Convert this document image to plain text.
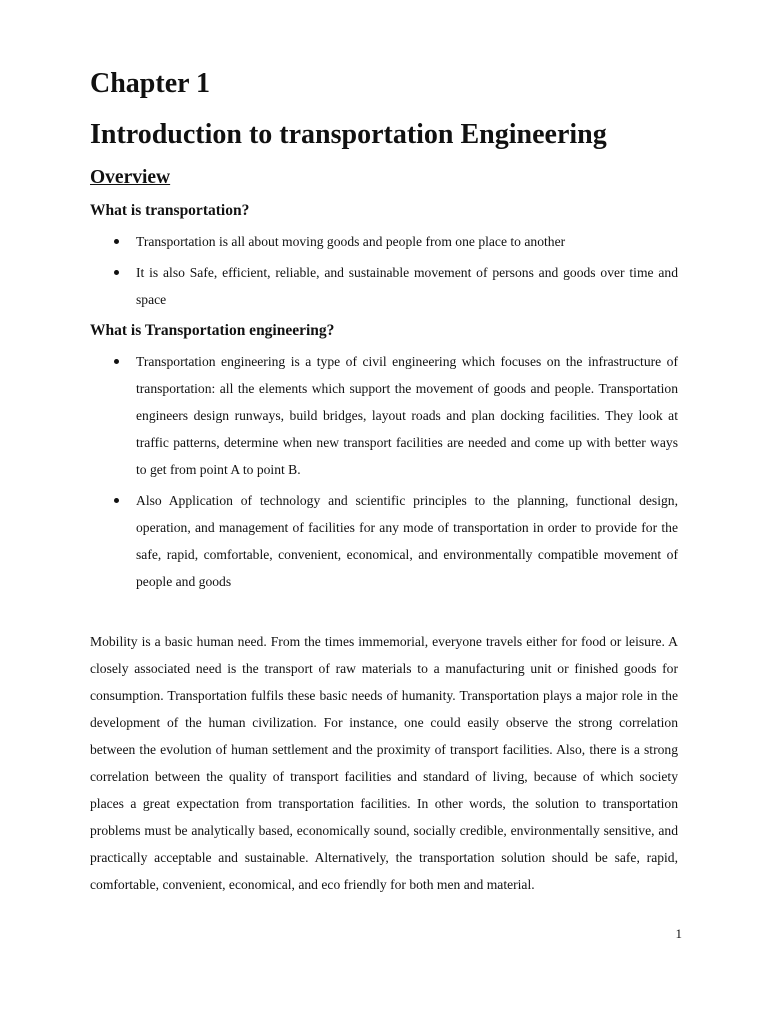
Chapter 1
Introduction to transportation Engineering
Overview
What is transportation?
Transportation is all about moving goods and people from one place to another
It is also Safe, efficient, reliable, and sustainable movement of persons and goods over time and space
What is Transportation engineering?
Transportation engineering is a type of civil engineering which focuses on the infrastructure of transportation: all the elements which support the movement of goods and people. Transportation engineers design runways, build bridges, layout roads and plan docking facilities. They look at traffic patterns, determine when new transport facilities are needed and come up with better ways to get from point A to point B.
Also Application of technology and scientific principles to the planning, functional design, operation, and management of facilities for any mode of transportation in order to provide for the safe, rapid, comfortable, convenient, economical, and environmentally compatible movement of people and goods

Mobility is a basic human need. From the times immemorial, everyone travels either for food or leisure. A closely associated need is the transport of raw materials to a manufacturing unit or finished goods for consumption. Transportation fulfils these basic needs of humanity. Transportation plays a major role in the development of the human civilization. For instance, one could easily observe the strong correlation between the evolution of human settlement and the proximity of transport facilities. Also, there is a strong correlation between the quality of transport facilities and standard of living, because of which society places a great expectation from transportation facilities. In other words, the solution to transportation problems must be analytically based, economically sound, socially credible, environmentally sensitive, and practically acceptable and sustainable. Alternatively, the transportation solution should be safe, rapid, comfortable, convenient, economical, and eco friendly for both men and material.

1
